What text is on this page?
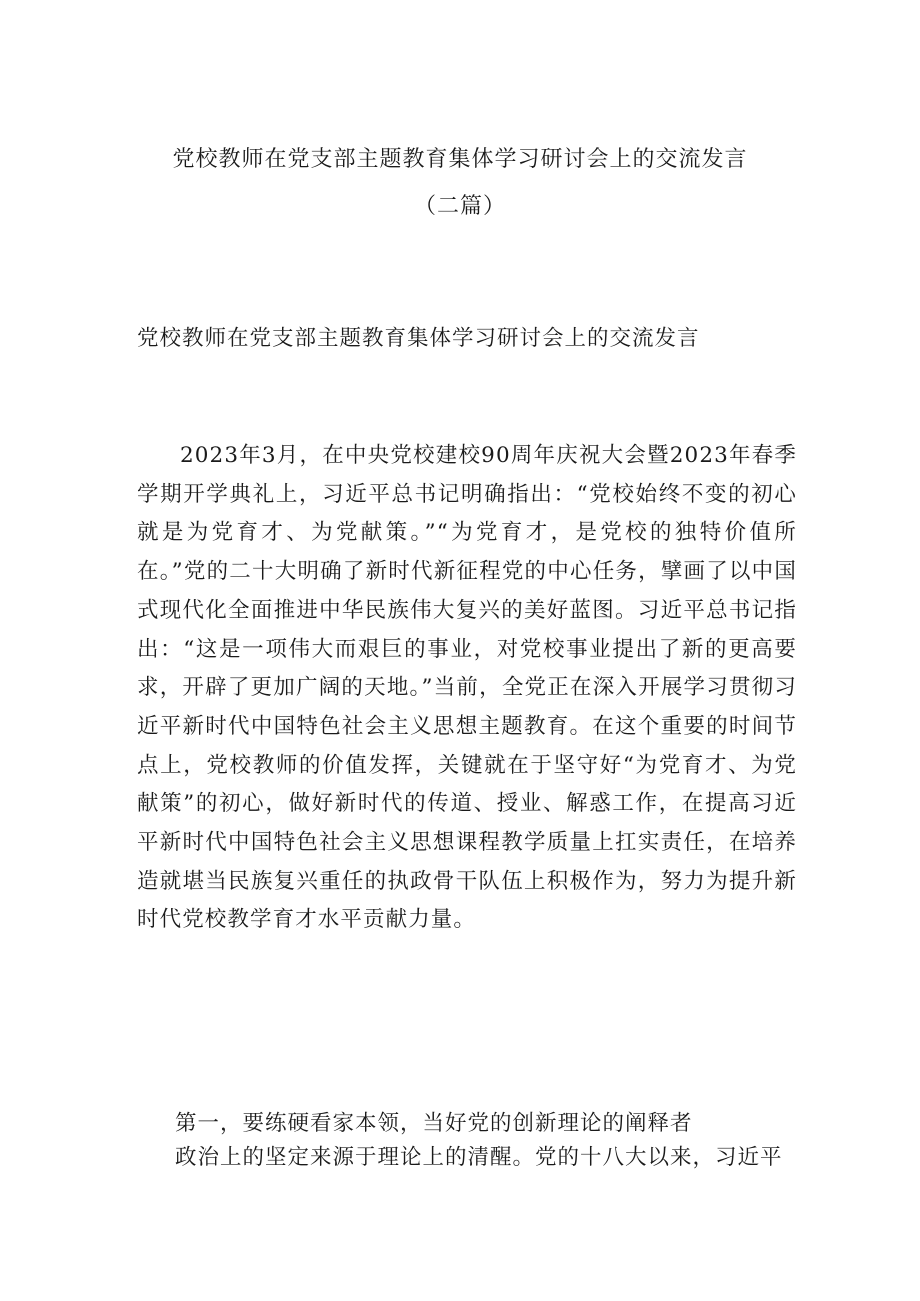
党校教师在党支部主题教育集体学习研讨会上的交流发言
（二篇）
党校教师在党支部主题教育集体学习研讨会上的交流发言

2023年3月，在中央党校建校90周年庆祝大会暨2023年春季学期开学典礼上，习近平总书记明确指出：“党校始终不变的初心就是为党育才、为党献策。”“为党育才，是党校的独特价值所在。”党的二十大明确了新时代新征程党的中心任务，擘画了以中国式现代化全面推进中华民族伟大复兴的美好蓝图。习近平总书记指出：“这是一项伟大而艰巨的事业，对党校事业提出了新的更高要求，开辟了更加广阔的天地。”当前，全党正在深入开展学习贯彻习近平新时代中国特色社会主义思想主题教育。在这个重要的时间节点上，党校教师的价值发挥，关键就在于坚守好“为党育才、为党献策”的初心，做好新时代的传道、授业、解惑工作，在提高习近平新时代中国特色社会主义思想课程教学质量上扛实责任，在培养造就堪当民族复兴重任的执政骨干队伍上积极作为，努力为提升新时代党校教学育才水平贡献力量。

第一，要练硬看家本领，当好党的创新理论的阐释者
政治上的坚定来源于理论上的清醒。党的十八大以来，习近平
